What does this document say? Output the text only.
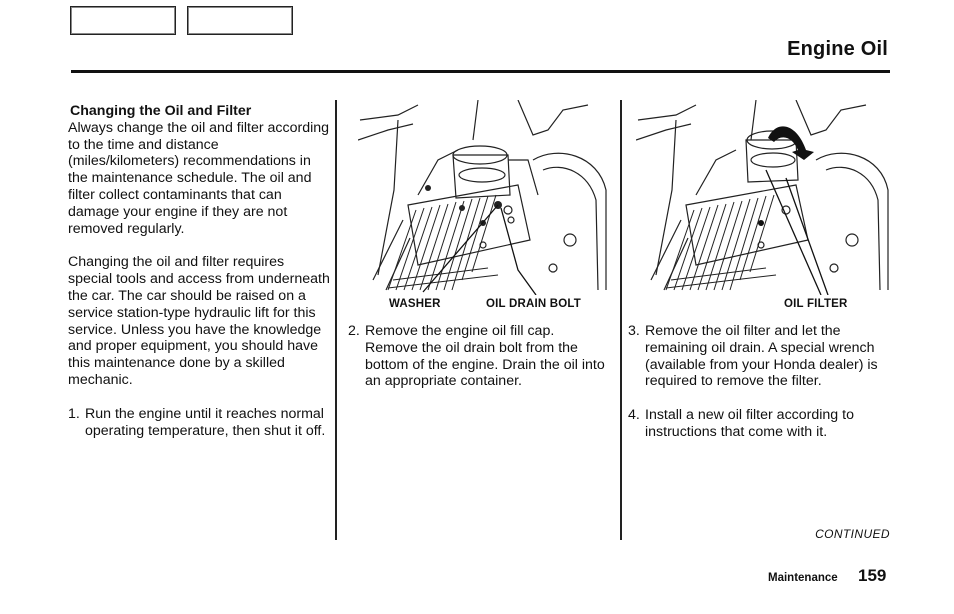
Engine Oil
Changing the Oil and Filter

Always change the oil and filter according to the time and distance (miles/kilometers) recommendations in the maintenance schedule. The oil and filter collect contaminants that can damage your engine if they are not removed regularly.

Changing the oil and filter requires special tools and access from underneath the car. The car should be raised on a service station-type hydraulic lift for this service. Unless you have the knowledge and proper equipment, you should have this maintenance done by a skilled mechanic.

1. Run the engine until it reaches normal operating temperature, then shut it off.
WASHER	OIL DRAIN BOLT
2. Remove the engine oil fill cap. Remove the oil drain bolt from the bottom of the engine. Drain the oil into an appropriate container.
OIL FILTER
3. Remove the oil filter and let the remaining oil drain. A special wrench (available from your Honda dealer) is required to remove the filter.
4. Install a new oil filter according to instructions that come with it.
CONTINUED
Maintenance 159
